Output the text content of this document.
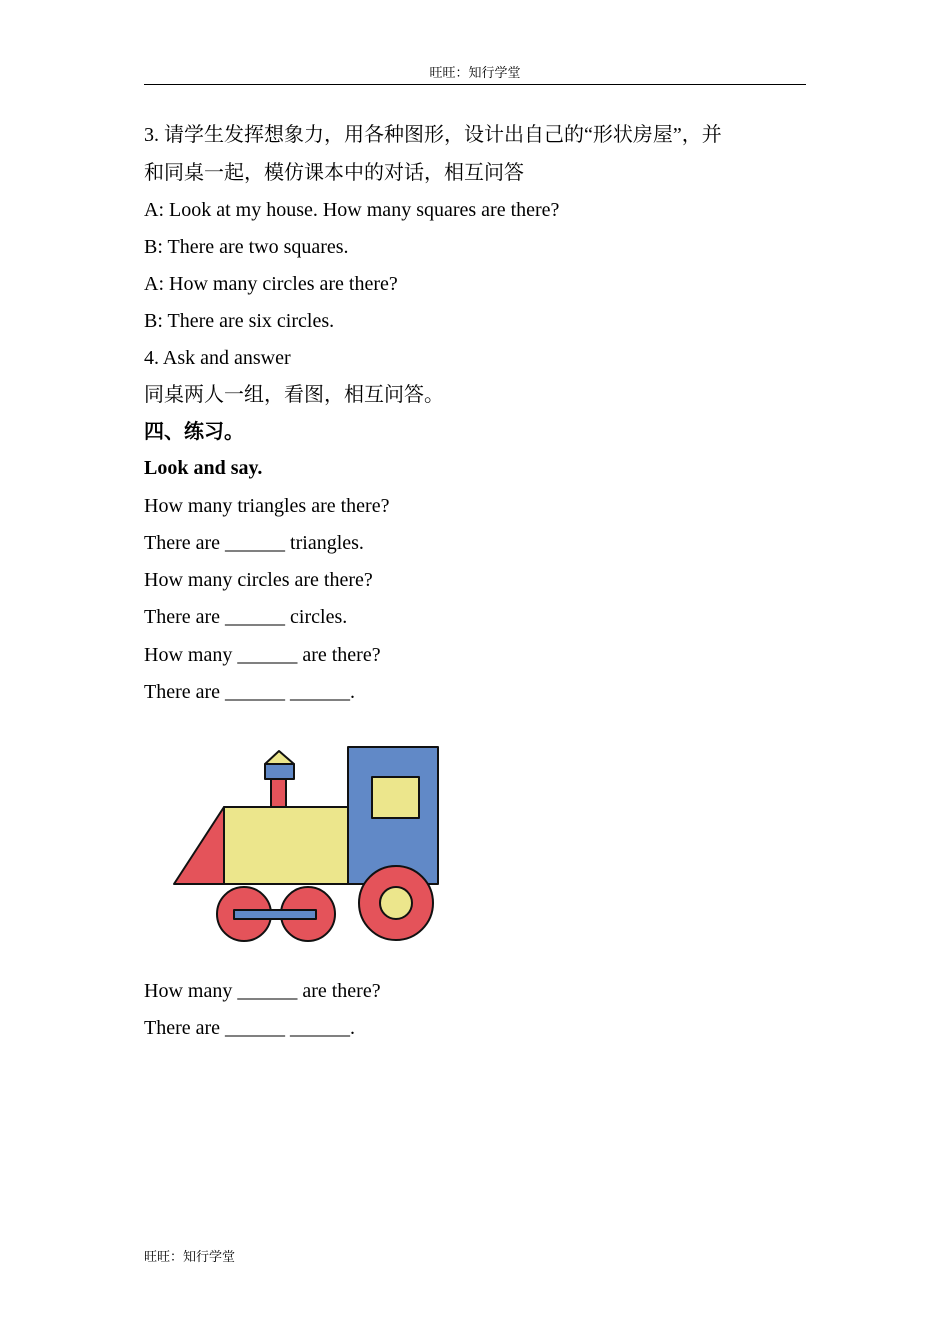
旺旺：知行学堂
3. 请学生发挥想象力，用各种图形，设计出自己的“形状房屋”，并
和同桌一起，模仿课本中的对话，相互问答
A: Look at my house. How many squares are there?
B: There are two squares.
A: How many circles are there?
B: There are six circles.
4. Ask and answer
同桌两人一组，看图，相互问答。
四、练习。
Look and say.
How many triangles are there?
There are ______ triangles.
How many circles are there?
There are ______ circles.
How many ______ are there?
There are ______ ______.
How many ______ are there?
There are ______ ______.
旺旺：知行学堂
